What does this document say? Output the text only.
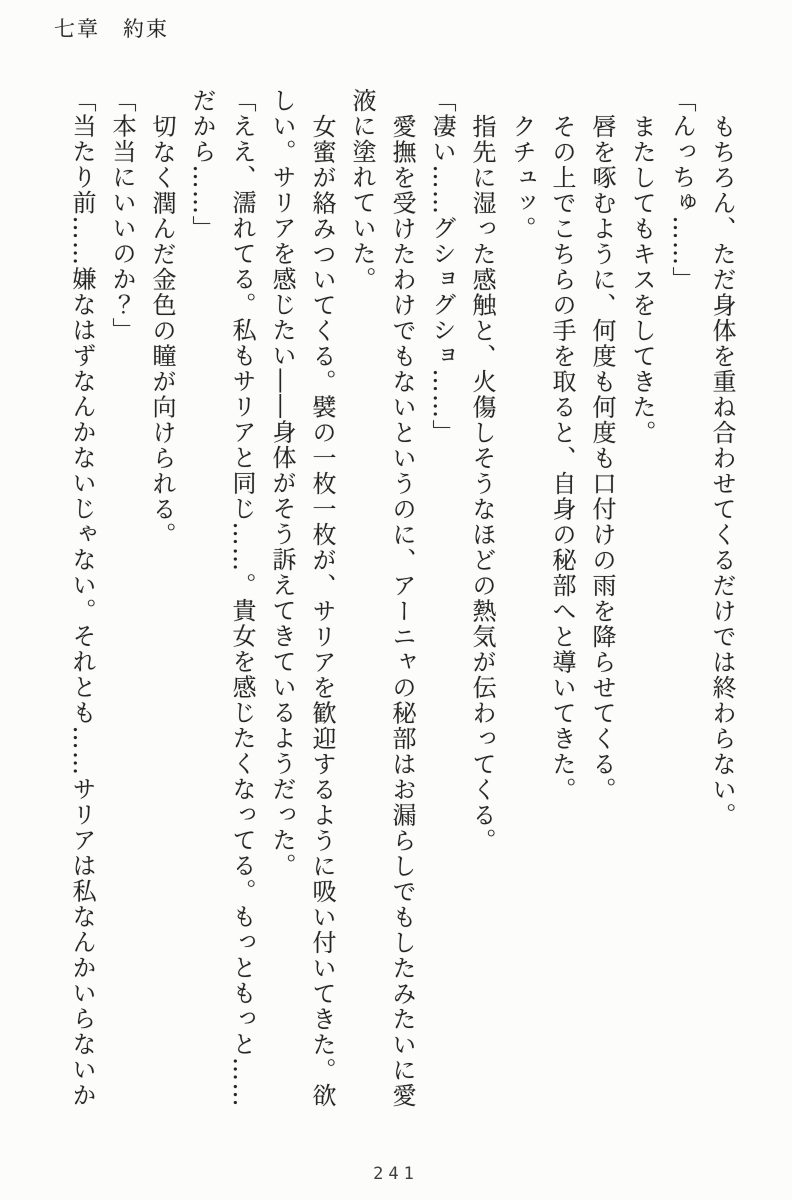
七章　約束

もちろん、ただ身体を重ね合わせてくるだけでは終わらない。

「んっちゅ……」

またしてもキスをしてきた。

唇を啄むように、何度も何度も口付けの雨を降らせてくる。

その上でこちらの手を取ると、自身の秘部へと導いてきた。

クチュッ。

指先に湿った感触と、火傷しそうなほどの熱気が伝わってくる。

「凄い……グショグショ……」

愛撫を受けたわけでもないというのに、アーニャの秘部はお漏らしでもしたみたいに愛

液に塗れていた。

女蜜が絡みついてくる。襞の一枚一枚が、サリアを歓迎するように吸い付いてきた。欲

しい。サリアを感じたい――身体がそう訴えてきているようだった。

「ええ、濡れてる。私もサリアと同じ……。貴女を感じたくなってる。もっともっと……

だから……」

切なく潤んだ金色の瞳が向けられる。

「本当にいいのか？」

「当たり前……嫌なはずなんかないじゃない。それとも……サリアは私なんかいらないか

241
